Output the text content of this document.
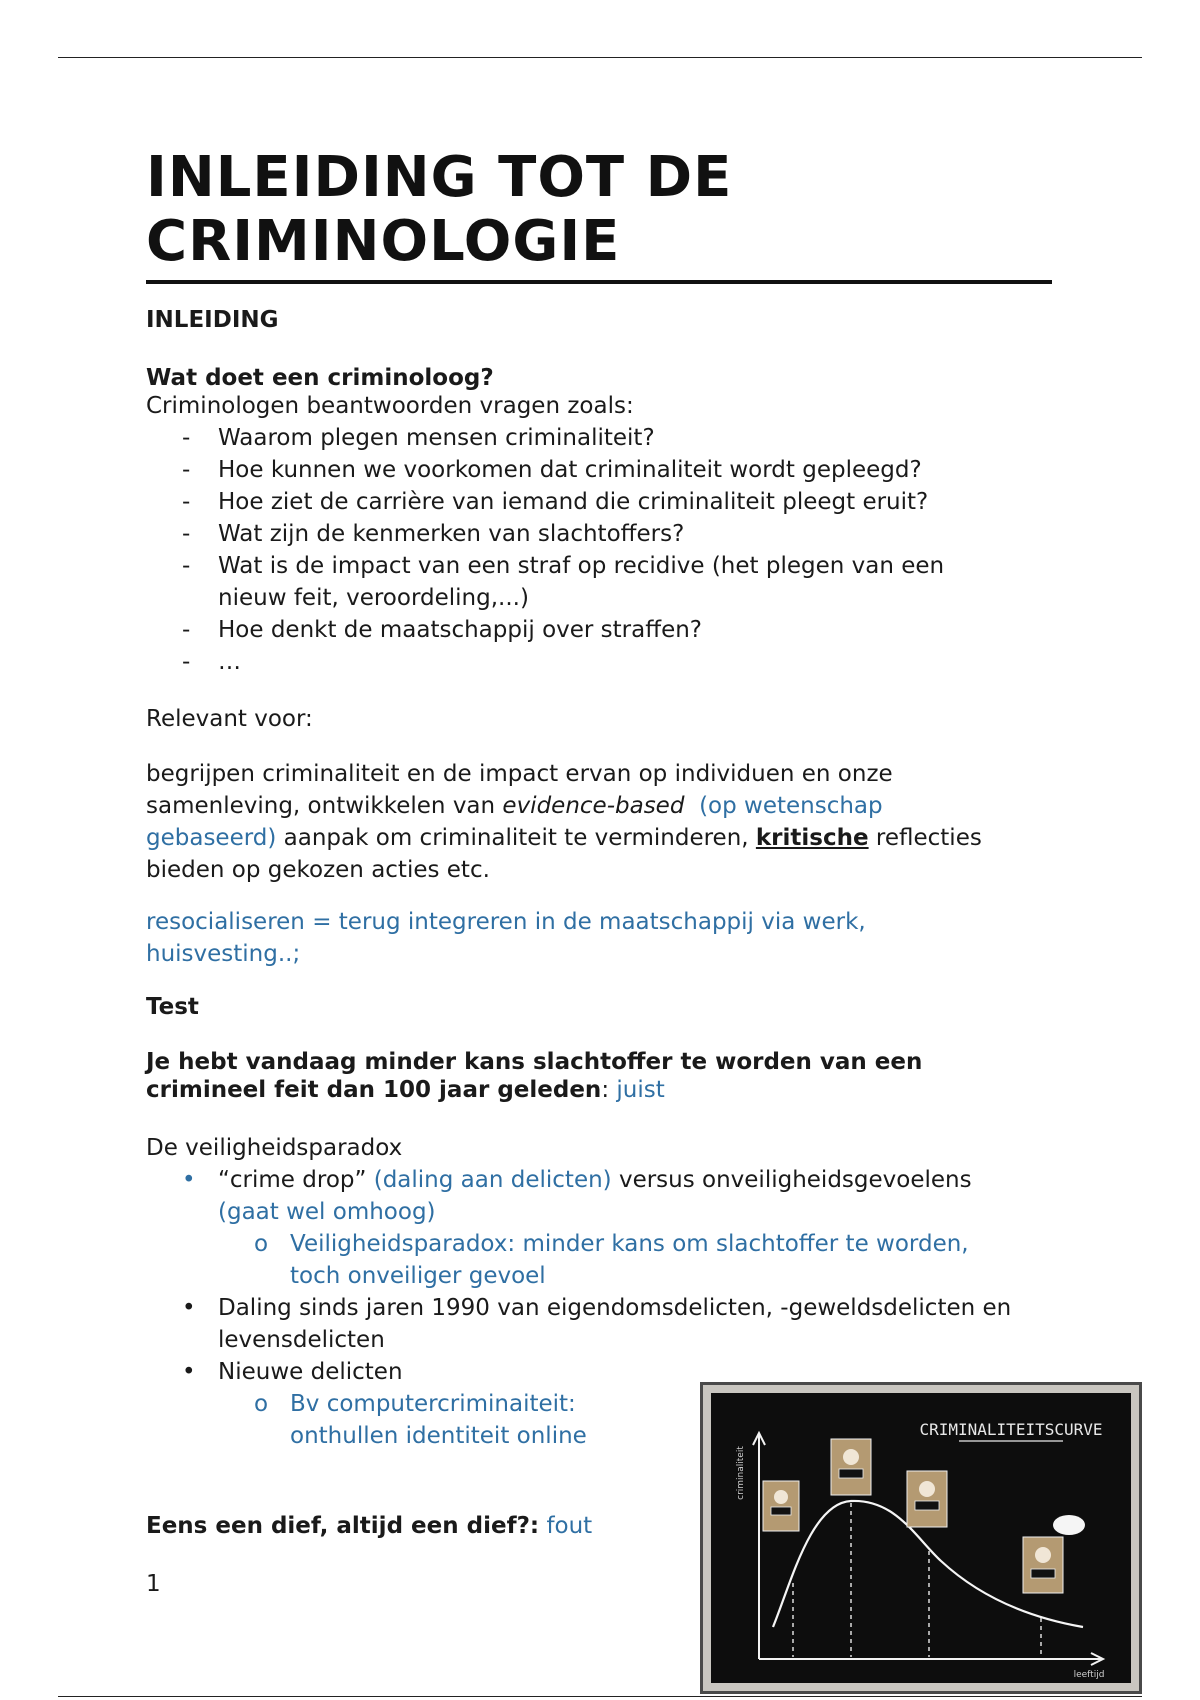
INLEIDING TOT DE CRIMINOLOGIE
INLEIDING
Wat doet een criminoloog?
Criminologen beantwoorden vragen zoals:
- Waarom plegen mensen criminaliteit?
- Hoe kunnen we voorkomen dat criminaliteit wordt gepleegd?
- Hoe ziet de carrière van iemand die criminaliteit pleegt eruit?
- Wat zijn de kenmerken van slachtoffers?
- Wat is de impact van een straf op recidive (het plegen van een
nieuw feit, veroordeling,...)
- Hoe denkt de maatschappij over straffen?
- …
Relevant voor:
begrijpen criminaliteit en de impact ervan op individuen en onze
samenleving, ontwikkelen van evidence-based (op wetenschap
gebaseerd) aanpak om criminaliteit te verminderen, kritische reflecties
bieden op gekozen acties etc.
resocialiseren = terug integreren in de maatschappij via werk,
huisvesting..;
Test
Je hebt vandaag minder kans slachtoffer te worden van een
crimineel feit dan 100 jaar geleden: juist
De veiligheidsparadox
• “crime drop” (daling aan delicten) versus onveiligheidsgevoelens
(gaat wel omhoog)
o Veiligheidsparadox: minder kans om slachtoffer te worden,
toch onveiliger gevoel
• Daling sinds jaren 1990 van eigendomsdelicten, -geweldsdelicten en
levensdelicten
• Nieuwe delicten
o Bv computercriminaiteit:
onthullen identiteit online
Eens een dief, altijd een dief?: fout
1
CRIMINALITEITSCURVE
criminaliteit
leeftijd
